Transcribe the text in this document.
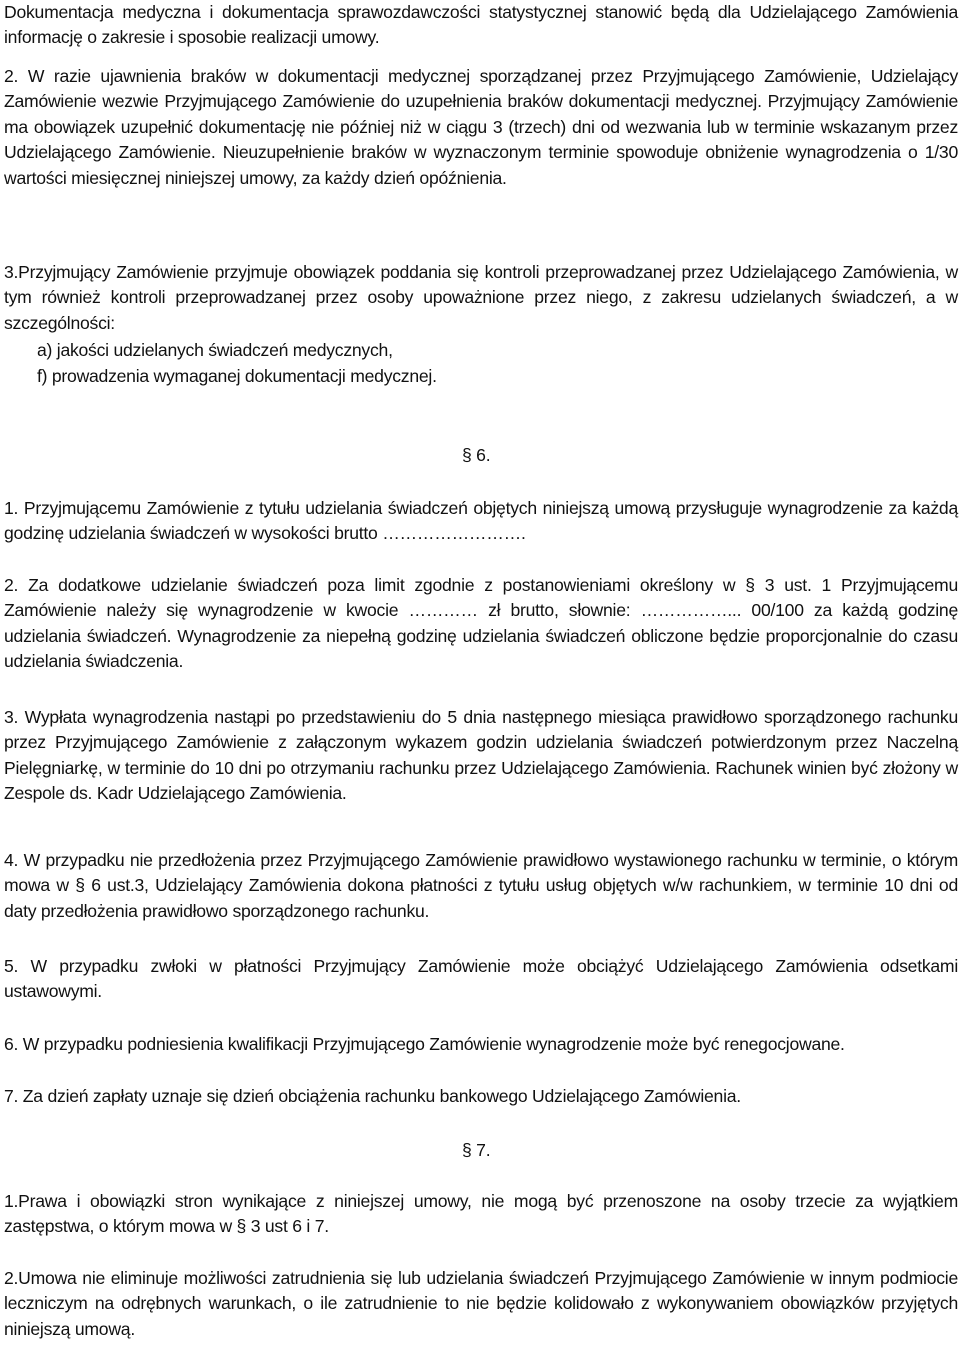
Dokumentacja medyczna i dokumentacja sprawozdawczości statystycznej stanowić będą dla Udzielającego Zamówienia informację o zakresie i sposobie realizacji umowy.

2. W razie ujawnienia braków w dokumentacji medycznej sporządzanej przez Przyjmującego Zamówienie, Udzielający Zamówienie wezwie Przyjmującego Zamówienie do uzupełnienia braków dokumentacji medycznej. Przyjmujący Zamówienie ma obowiązek uzupełnić dokumentację nie później niż w ciągu 3 (trzech) dni od wezwania lub w terminie wskazanym przez Udzielającego Zamówienie. Nieuzupełnienie braków w wyznaczonym terminie spowoduje obniżenie wynagrodzenia o 1/30 wartości miesięcznej niniejszej umowy, za każdy dzień opóźnienia.

3.Przyjmujący Zamówienie przyjmuje obowiązek poddania się kontroli przeprowadzanej przez Udzielającego Zamówienia, w tym również kontroli przeprowadzanej przez osoby upoważnione przez niego, z zakresu udzielanych świadczeń, a w szczególności:

a) jakości udzielanych świadczeń medycznych,
f) prowadzenia wymaganej dokumentacji medycznej.
§ 6.

1. Przyjmującemu Zamówienie z tytułu udzielania świadczeń objętych niniejszą umową przysługuje wynagrodzenie za każdą godzinę udzielania świadczeń w wysokości brutto …………………….

2. Za dodatkowe udzielanie świadczeń poza limit zgodnie z postanowieniami określony w § 3 ust. 1 Przyjmującemu Zamówienie należy się wynagrodzenie w kwocie ………… zł brutto, słownie: ……………... 00/100 za każdą godzinę udzielania świadczeń. Wynagrodzenie za niepełną godzinę udzielania świadczeń obliczone będzie proporcjonalnie do czasu udzielania świadczenia.

3. Wypłata wynagrodzenia nastąpi po przedstawieniu do 5 dnia następnego miesiąca prawidłowo sporządzonego rachunku przez Przyjmującego Zamówienie z załączonym wykazem godzin udzielania świadczeń potwierdzonym przez Naczelną Pielęgniarkę, w terminie do 10 dni po otrzymaniu rachunku przez Udzielającego Zamówienia. Rachunek winien być złożony w Zespole ds. Kadr Udzielającego Zamówienia.

4. W przypadku nie przedłożenia przez Przyjmującego Zamówienie prawidłowo wystawionego rachunku w terminie, o którym mowa w § 6 ust.3, Udzielający Zamówienia dokona płatności z tytułu usług objętych w/w rachunkiem, w terminie 10 dni od daty przedłożenia prawidłowo sporządzonego rachunku.

5. W przypadku zwłoki w płatności Przyjmujący Zamówienie może obciążyć Udzielającego Zamówienia odsetkami ustawowymi.

6. W przypadku podniesienia kwalifikacji Przyjmującego Zamówienie wynagrodzenie może być renegocjowane.

7. Za dzień zapłaty uznaje się dzień obciążenia rachunku bankowego Udzielającego Zamówienia.

§ 7.

1.Prawa i obowiązki stron wynikające z niniejszej umowy, nie mogą być przenoszone na osoby trzecie za wyjątkiem zastępstwa, o którym mowa w § 3 ust 6 i 7.

2.Umowa nie eliminuje możliwości zatrudnienia się lub udzielania świadczeń Przyjmującego Zamówienie w innym podmiocie leczniczym na odrębnych warunkach, o ile zatrudnienie to nie będzie kolidowało z wykonywaniem obowiązków przyjętych niniejszą umową.
